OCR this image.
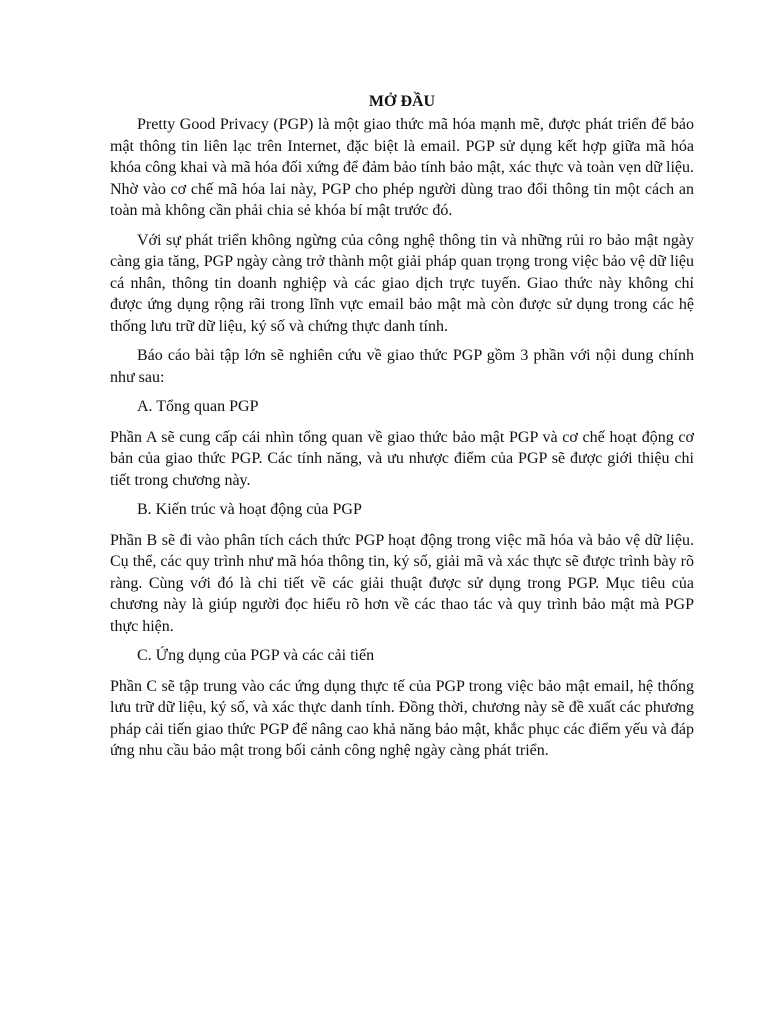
MỞ ĐẦU

Pretty Good Privacy (PGP) là một giao thức mã hóa mạnh mẽ, được phát triển để bảo mật thông tin liên lạc trên Internet, đặc biệt là email. PGP sử dụng kết hợp giữa mã hóa khóa công khai và mã hóa đối xứng để đảm bảo tính bảo mật, xác thực và toàn vẹn dữ liệu. Nhờ vào cơ chế mã hóa lai này, PGP cho phép người dùng trao đổi thông tin một cách an toàn mà không cần phải chia sẻ khóa bí mật trước đó.

Với sự phát triển không ngừng của công nghệ thông tin và những rủi ro bảo mật ngày càng gia tăng, PGP ngày càng trở thành một giải pháp quan trọng trong việc bảo vệ dữ liệu cá nhân, thông tin doanh nghiệp và các giao dịch trực tuyến. Giao thức này không chỉ được ứng dụng rộng rãi trong lĩnh vực email bảo mật mà còn được sử dụng trong các hệ thống lưu trữ dữ liệu, ký số và chứng thực danh tính.

Báo cáo bài tập lớn sẽ nghiên cứu về giao thức PGP gồm 3 phần với nội dung chính như sau:

A. Tổng quan PGP

Phần A sẽ cung cấp cái nhìn tổng quan về giao thức bảo mật PGP và cơ chế hoạt động cơ bản của giao thức PGP. Các tính năng, và ưu nhược điểm của PGP sẽ được giới thiệu chi tiết trong chương này.

B. Kiến trúc và hoạt động của PGP

Phần B sẽ đi vào phân tích cách thức PGP hoạt động trong việc mã hóa và bảo vệ dữ liệu. Cụ thể, các quy trình như mã hóa thông tin, ký số, giải mã và xác thực sẽ được trình bày rõ ràng. Cùng với đó là chi tiết về các giải thuật được sử dụng trong PGP. Mục tiêu của chương này là giúp người đọc hiểu rõ hơn về các thao tác và quy trình bảo mật mà PGP thực hiện.

C. Ứng dụng của PGP và các cải tiến

Phần C sẽ tập trung vào các ứng dụng thực tế của PGP trong việc bảo mật email, hệ thống lưu trữ dữ liệu, ký số, và xác thực danh tính. Đồng thời, chương này sẽ đề xuất các phương pháp cải tiến giao thức PGP để nâng cao khả năng bảo mật, khắc phục các điểm yếu và đáp ứng nhu cầu bảo mật trong bối cảnh công nghệ ngày càng phát triển.
